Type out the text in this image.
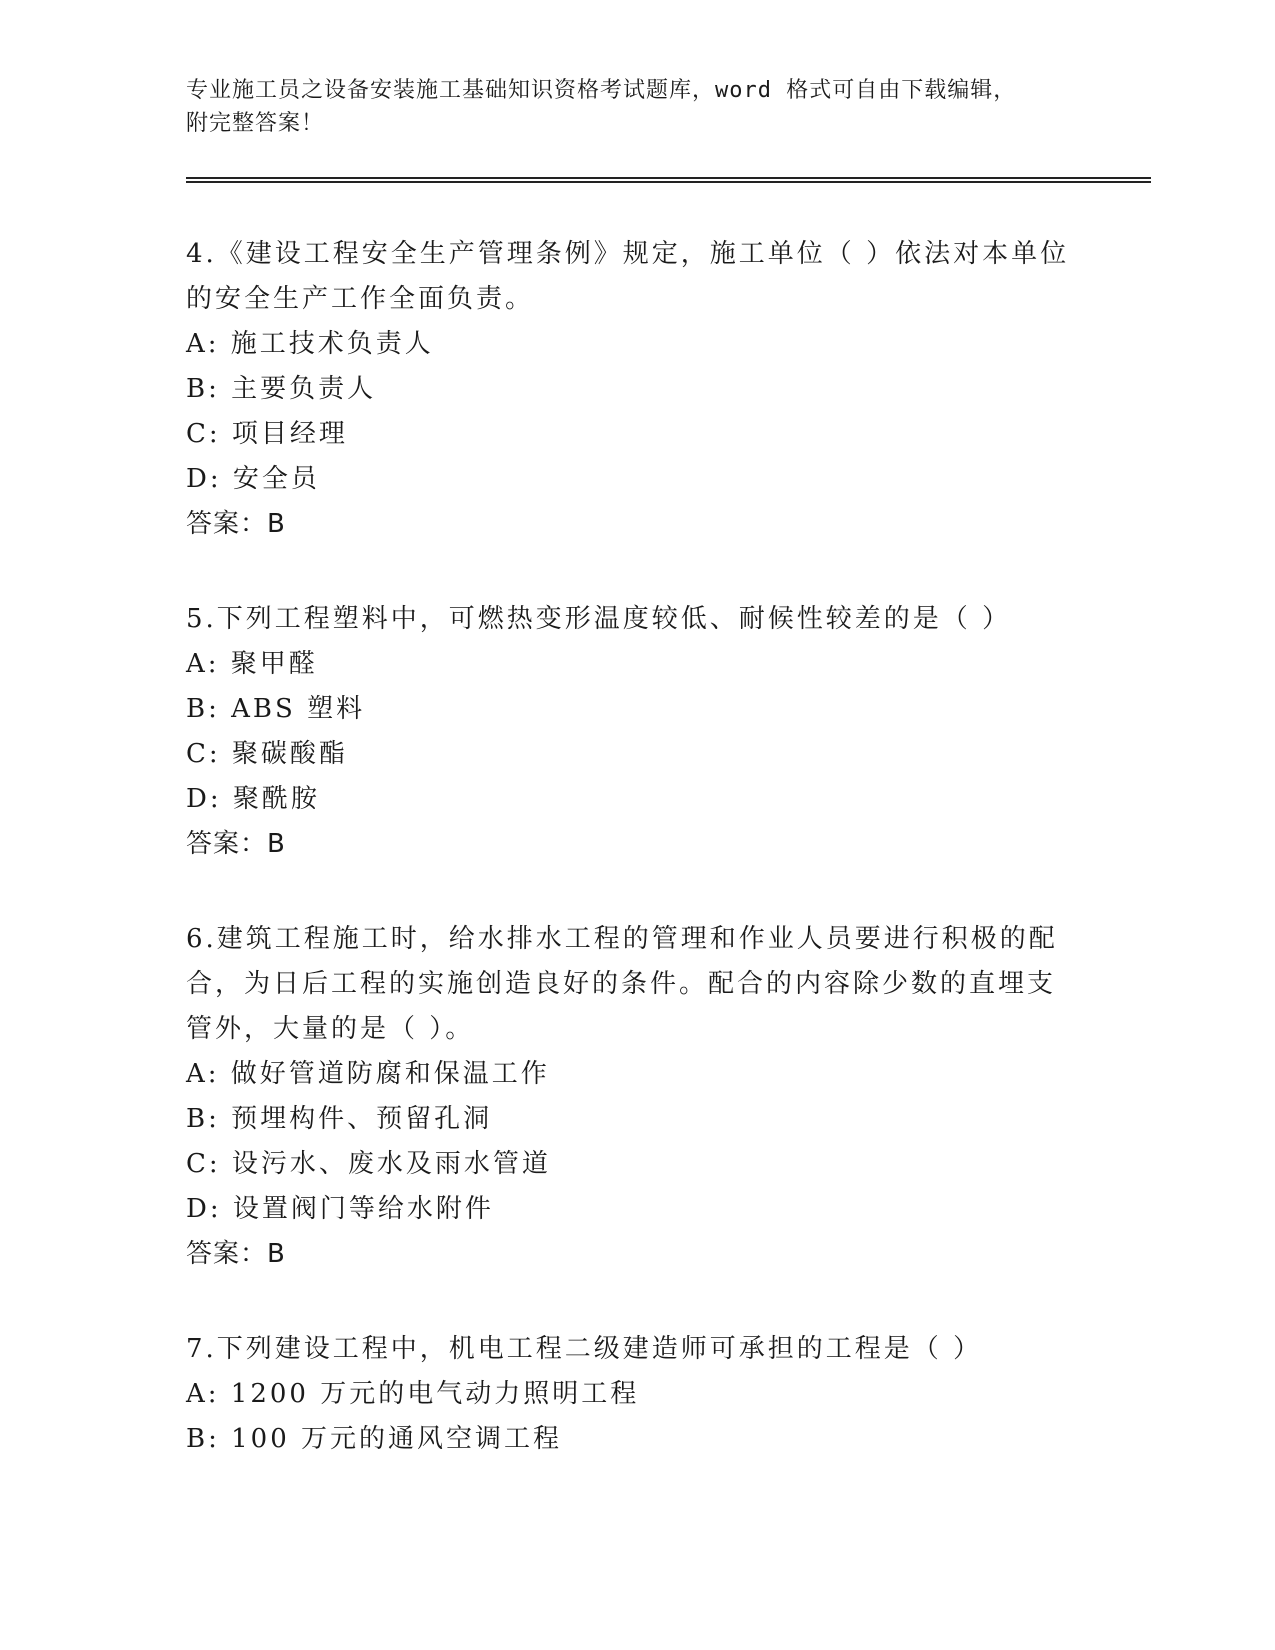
专业施工员之设备安装施工基础知识资格考试题库，word 格式可自由下载编辑，
附完整答案！

4.《建设工程安全生产管理条例》规定，施工单位（ ）依法对本单位

的安全生产工作全面负责。

A: 施工技术负责人

B: 主要负责人

C: 项目经理

D: 安全员

答案：B

5.下列工程塑料中，可燃热变形温度较低、耐候性较差的是（ ）

A: 聚甲醛

B: ABS 塑料

C: 聚碳酸酯

D: 聚酰胺

答案：B

6.建筑工程施工时，给水排水工程的管理和作业人员要进行积极的配

合，为日后工程的实施创造良好的条件。配合的内容除少数的直埋支

管外，大量的是（ ）。

A: 做好管道防腐和保温工作

B: 预埋构件、预留孔洞

C: 设污水、废水及雨水管道

D: 设置阀门等给水附件

答案：B

7.下列建设工程中，机电工程二级建造师可承担的工程是（ ）

A: 1200 万元的电气动力照明工程

B: 100 万元的通风空调工程
